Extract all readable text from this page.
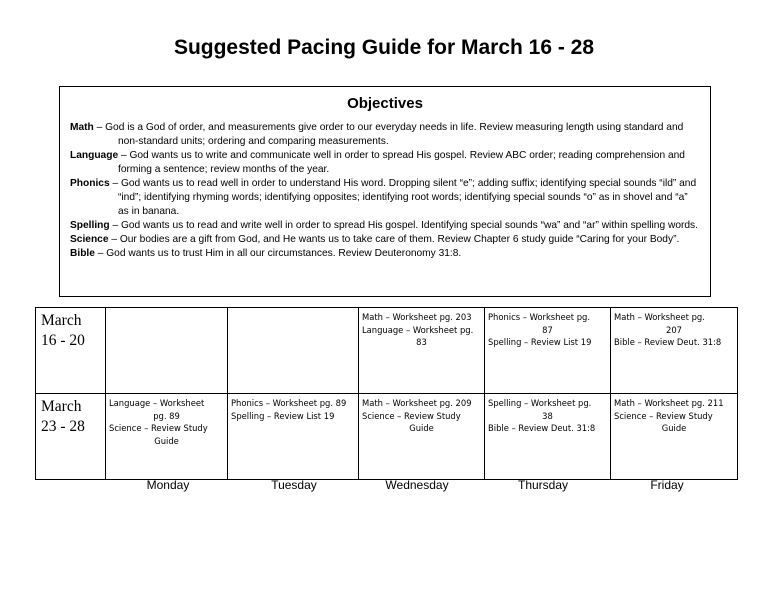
Suggested Pacing Guide for March 16 - 28
Objectives

Math – God is a God of order, and measurements give order to our everyday needs in life. Review measuring length using standard and non-standard units; ordering and comparing measurements.

Language – God wants us to write and communicate well in order to spread His gospel. Review ABC order; reading comprehension and forming a sentence; review months of the year.

Phonics – God wants us to read well in order to understand His word. Dropping silent “e”; adding suffix; identifying special sounds “ild” and “ind”; identifying rhyming words; identifying opposites; identifying root words; identifying special sounds “o” as in shovel and “a” as in banana.

Spelling – God wants us to read and write well in order to spread His gospel. Identifying special sounds “wa” and “ar” within spelling words.

Science – Our bodies are a gift from God, and He wants us to take care of them. Review Chapter 6 study guide “Caring for your Body”.

Bible – God wants us to trust Him in all our circumstances. Review Deuteronomy 31:8.

March
16 - 20			Math – Worksheet pg. 203
Language – Worksheet pg.
83	Phonics – Worksheet pg.
87
Spelling – Review List 19	Math – Worksheet pg.
207
Bible – Review Deut. 31:8

March
23 - 28	Language – Worksheet
pg. 89
Science – Review Study
Guide	Phonics – Worksheet pg. 89
Spelling – Review List 19	Math – Worksheet pg. 209
Science – Review Study
Guide	Spelling – Worksheet pg.
38
Bible – Review Deut. 31:8	Math – Worksheet pg. 211
Science – Review Study
Guide
Monday	Tuesday	Wednesday	Thursday	Friday
